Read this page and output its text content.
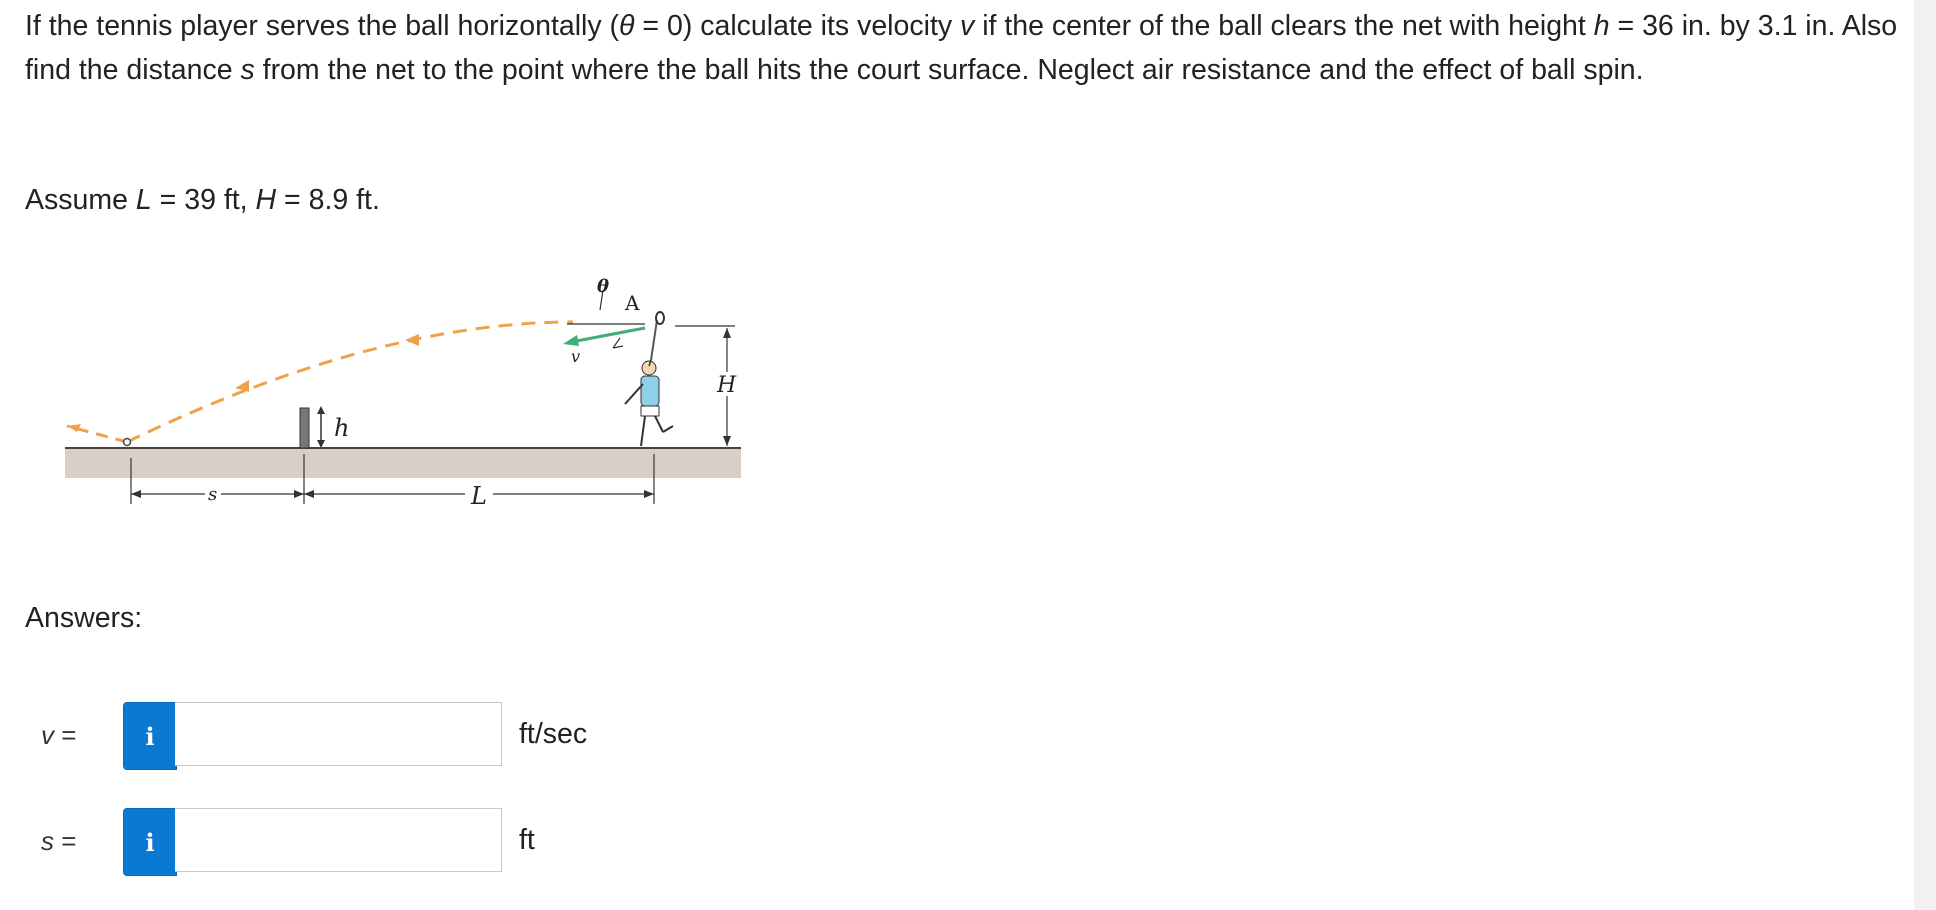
If the tennis player serves the ball horizontally (θ = 0) calculate its velocity v if the center of the ball clears the net with height h = 36 in. by 3.1 in. Also find the distance s from the net to the point where the ball hits the court surface. Neglect air resistance and the effect of ball spin.

Assume L = 39 ft, H = 8.9 ft.

h
θ
A
v
H
s	L

Answers:

v =	i	ft/sec
s =	i	ft
